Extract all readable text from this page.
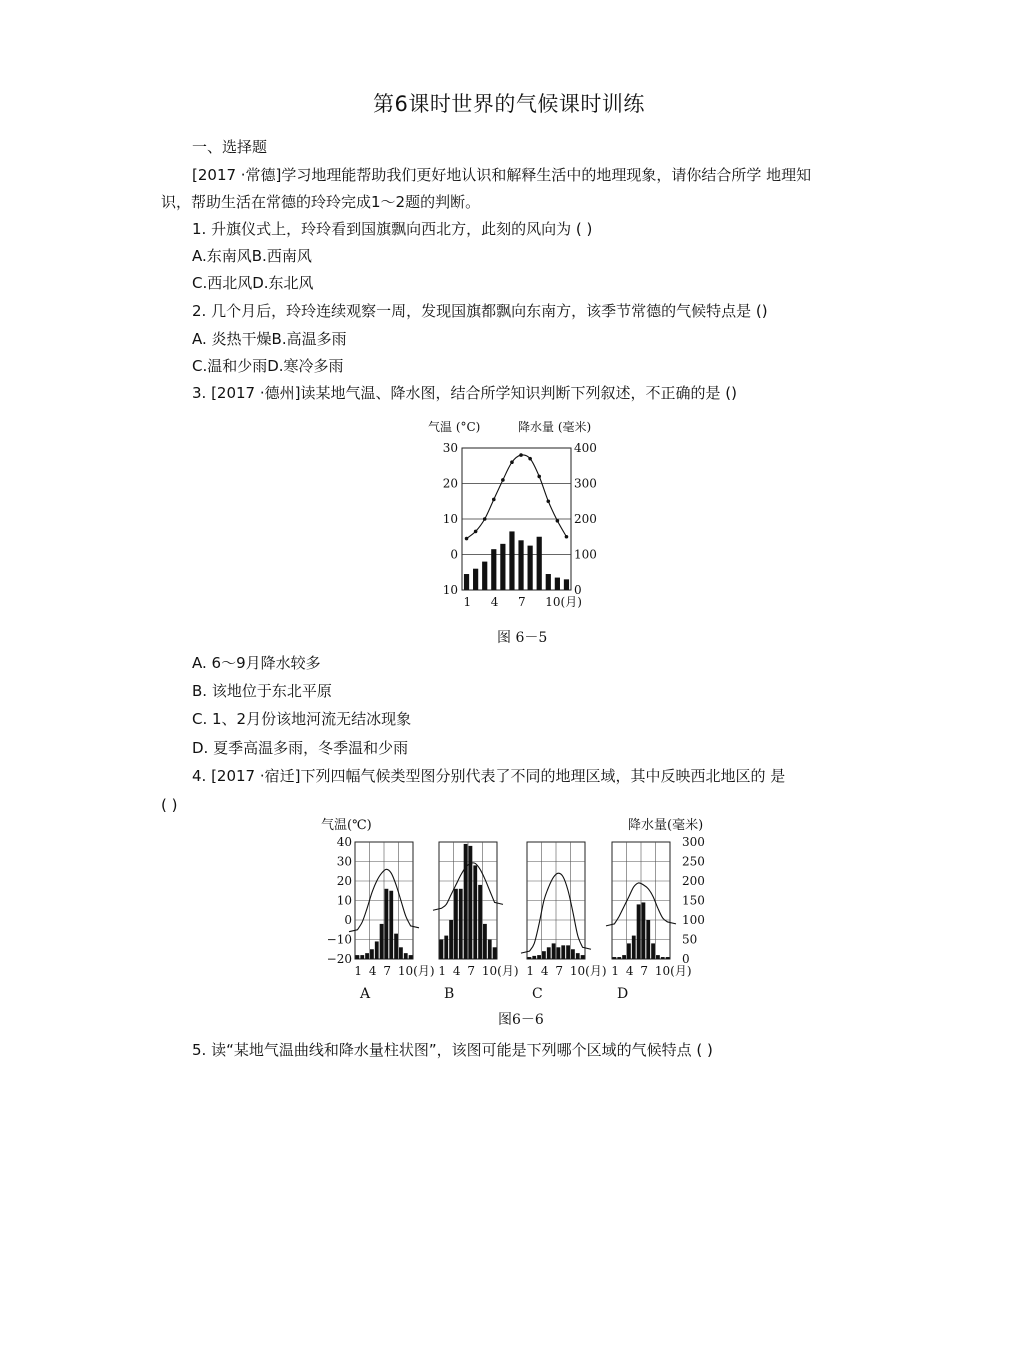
第6课时世界的气候课时训练
一、选择题
[2017 ·常德]学习地理能帮助我们更好地认识和解释生活中的地理现象，请你结合所学 地理知
识，帮助生活在常德的玲玲完成1～2题的判断。
1. 升旗仪式上，玲玲看到国旗飘向西北方，此刻的风向为 ( )
A.东南风B.西南风
C.西北风D.东北风
2. 几个月后，玲玲连续观察一周，发现国旗都飘向东南方，该季节常德的气候特点是 ()
A. 炎热干燥B.高温多雨
C.温和少雨D.寒冷多雨
3. [2017 ·德州]读某地气温、降水图，结合所学知识判断下列叙述，不正确的是 ()
气温 (°C)	降水量 (毫米)
30
20
10
0
10
400
300
200
100
0
1 4 7 10(月)
图 6－5
A. 6～9月降水较多
B. 该地位于东北平原
C. 1、2月份该地河流无结冰现象
D. 夏季高温多雨，冬季温和少雨
4. [2017 ·宿迁]下列四幅气候类型图分别代表了不同的地理区域，其中反映西北地区的 是
( )
气温(℃)	降水量(毫米)
40
30
20
10
0
−10
−20
300
250
200
150
100
50
0
1 4 7 10(月)
A
1 4 7 10(月)
B
1 4 7 10(月)
C
1 4 7 10(月)
D
图6－6
5. 读“某地气温曲线和降水量柱状图”，该图可能是下列哪个区域的气候特点 ( )
